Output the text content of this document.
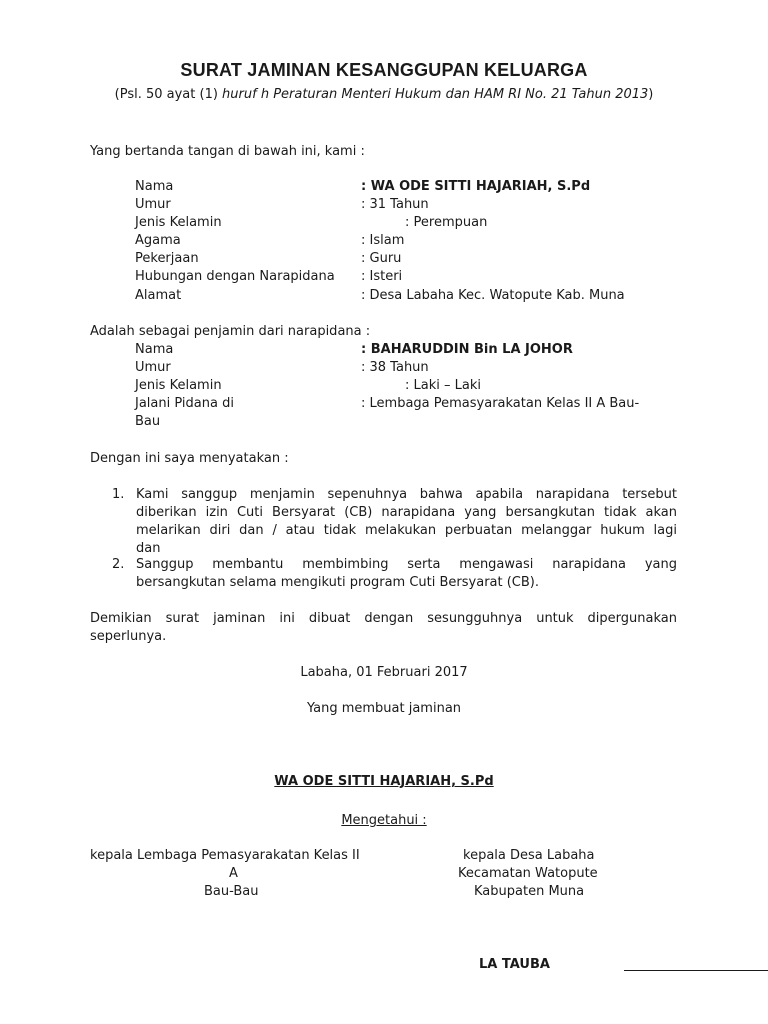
SURAT JAMINAN KESANGGUPAN KELUARGA
(Psl. 50 ayat (1) huruf h Peraturan Menteri Hukum dan HAM RI No. 21 Tahun 2013)
Yang bertanda tangan di bawah ini, kami :
Nama	: WA ODE SITTI HAJARIAH, S.Pd
Umur	: 31 Tahun
Jenis Kelamin	: Perempuan
Agama	: Islam
Pekerjaan	: Guru
Hubungan dengan Narapidana : Isteri
Alamat	: Desa Labaha Kec. Watopute Kab. Muna
Adalah sebagai penjamin dari narapidana :
Nama	: BAHARUDDIN Bin LA JOHOR
Umur	: 38 Tahun
Jenis Kelamin	: Laki – Laki
Jalani Pidana di	: Lembaga Pemasyarakatan Kelas II A Bau-
Bau
Dengan ini saya menyatakan :
1. Kami sanggup menjamin sepenuhnya bahwa apabila narapidana tersebut
diberikan izin Cuti Bersyarat (CB) narapidana yang bersangkutan tidak akan
melarikan diri dan / atau tidak melakukan perbuatan melanggar hukum lagi
dan
2. Sanggup membantu membimbing serta mengawasi narapidana yang
bersangkutan selama mengikuti program Cuti Bersyarat (CB).
Demikian surat jaminan ini dibuat dengan sesungguhnya untuk dipergunakan
seperlunya.
Labaha, 01 Februari 2017
Yang membuat jaminan
WA ODE SITTI HAJARIAH, S.Pd
Mengetahui :
kepala Lembaga Pemasyarakatan Kelas II
A
Bau-Bau
kepala Desa Labaha
Kecamatan Watopute
Kabupaten Muna
LA TAUBA
